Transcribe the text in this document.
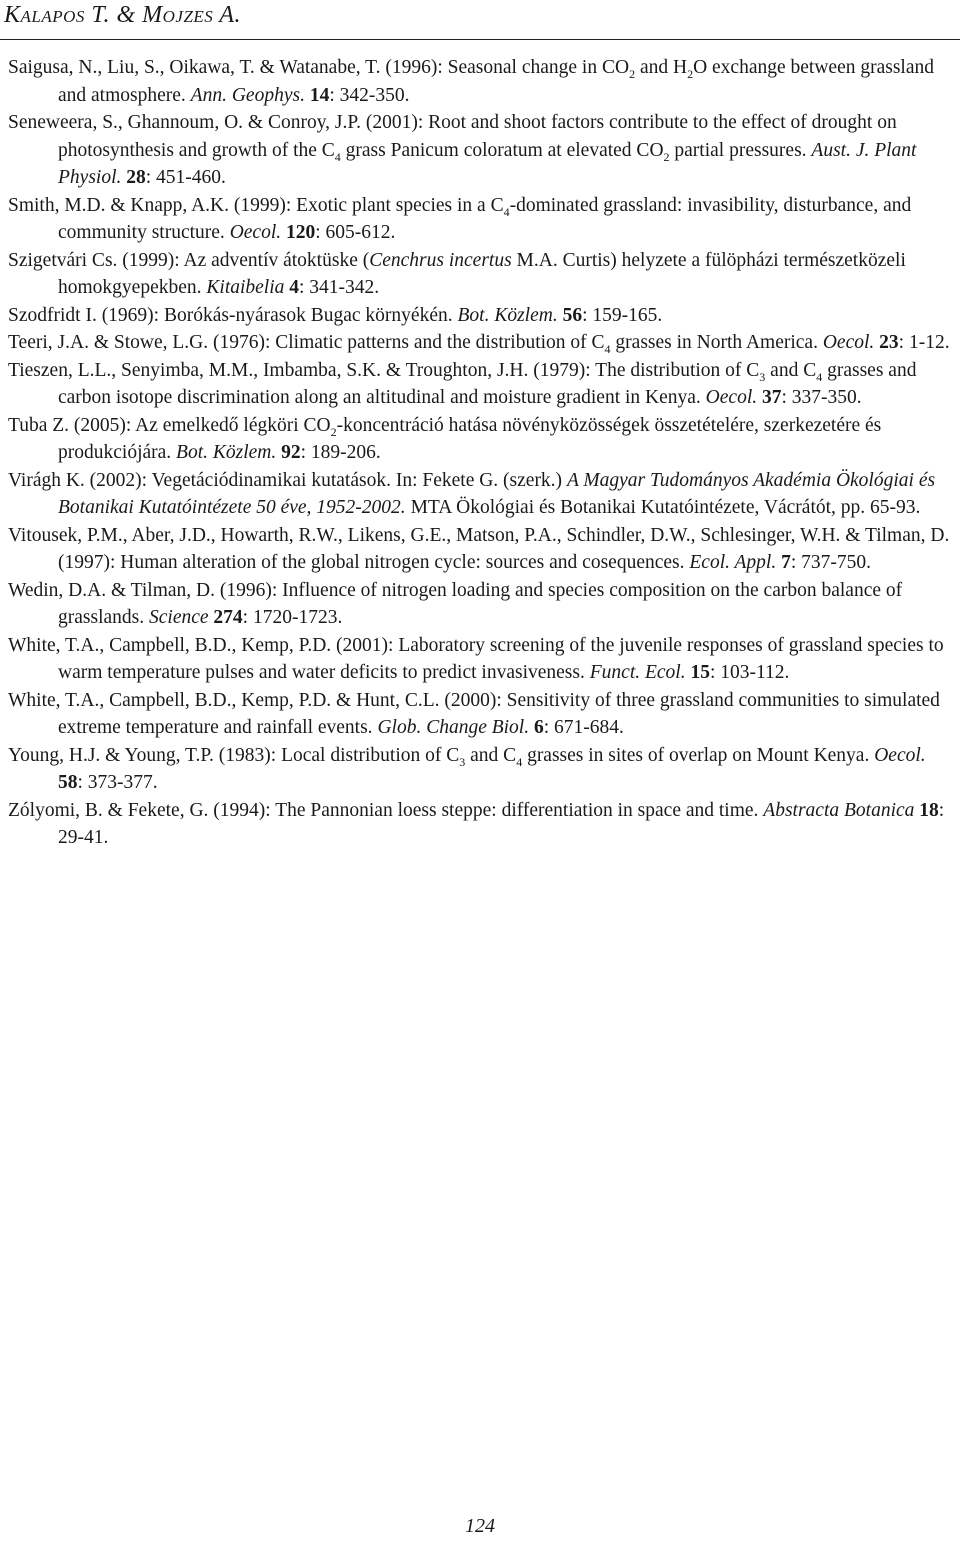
Kalapos T. & Mojzes A.
Saigusa, N., Liu, S., Oikawa, T. & Watanabe, T. (1996): Seasonal change in $CO_2$ and $H_2O$ exchange between grassland and atmosphere. Ann. Geophys. 14: 342-350.
Seneweera, S., Ghannoum, O. & Conroy, J.P. (2001): Root and shoot factors contribute to the effect of drought on photosynthesis and growth of the $C_4$ grass Panicum coloratum at elevated $CO_2$ partial pressures. Aust. J. Plant Physiol. 28: 451-460.
Smith, M.D. & Knapp, A.K. (1999): Exotic plant species in a $C_4$-dominated grassland: invasibility, disturbance, and community structure. Oecol. 120: 605-612.
Szigetvári Cs. (1999): Az adventív átoktüske (Cenchrus incertus M.A. Curtis) helyzete a fülöpházi természetközeli homokgyepekben. Kitaibelia 4: 341-342.
Szodfridt I. (1969): Borókás-nyárasok Bugac környékén. Bot. Közlem. 56: 159-165.
Teeri, J.A. & Stowe, L.G. (1976): Climatic patterns and the distribution of $C_4$ grasses in North America. Oecol. 23: 1-12.
Tieszen, L.L., Senyimba, M.M., Imbamba, S.K. & Troughton, J.H. (1979): The distribution of $C_3$ and $C_4$ grasses and carbon isotope discrimination along an altitudinal and moisture gradient in Kenya. Oecol. 37: 337-350.
Tuba Z. (2005): Az emelkedő légköri $CO_2$-koncentráció hatása növényközösségek összetételére, szerkezetére és produkciójára. Bot. Közlem. 92: 189-206.
Virágh K. (2002): Vegetációdinamikai kutatások. In: Fekete G. (szerk.) A Magyar Tudományos Akadémia Ökológiai és Botanikai Kutatóintézete 50 éve, 1952-2002. MTA Ökológiai és Botanikai Kutatóintézete, Vácrátót, pp. 65-93.
Vitousek, P.M., Aber, J.D., Howarth, R.W., Likens, G.E., Matson, P.A., Schindler, D.W., Schlesinger, W.H. & Tilman, D. (1997): Human alteration of the global nitrogen cycle: sources and cosequences. Ecol. Appl. 7: 737-750.
Wedin, D.A. & Tilman, D. (1996): Influence of nitrogen loading and species composition on the carbon balance of grasslands. Science 274: 1720-1723.
White, T.A., Campbell, B.D., Kemp, P.D. (2001): Laboratory screening of the juvenile responses of grassland species to warm temperature pulses and water deficits to predict invasiveness. Funct. Ecol. 15: 103-112.
White, T.A., Campbell, B.D., Kemp, P.D. & Hunt, C.L. (2000): Sensitivity of three grassland communities to simulated extreme temperature and rainfall events. Glob. Change Biol. 6: 671-684.
Young, H.J. & Young, T.P. (1983): Local distribution of $C_3$ and $C_4$ grasses in sites of overlap on Mount Kenya. Oecol. 58: 373-377.
Zólyomi, B. & Fekete, G. (1994): The Pannonian loess steppe: differentiation in space and time. Abstracta Botanica 18: 29-41.
124
